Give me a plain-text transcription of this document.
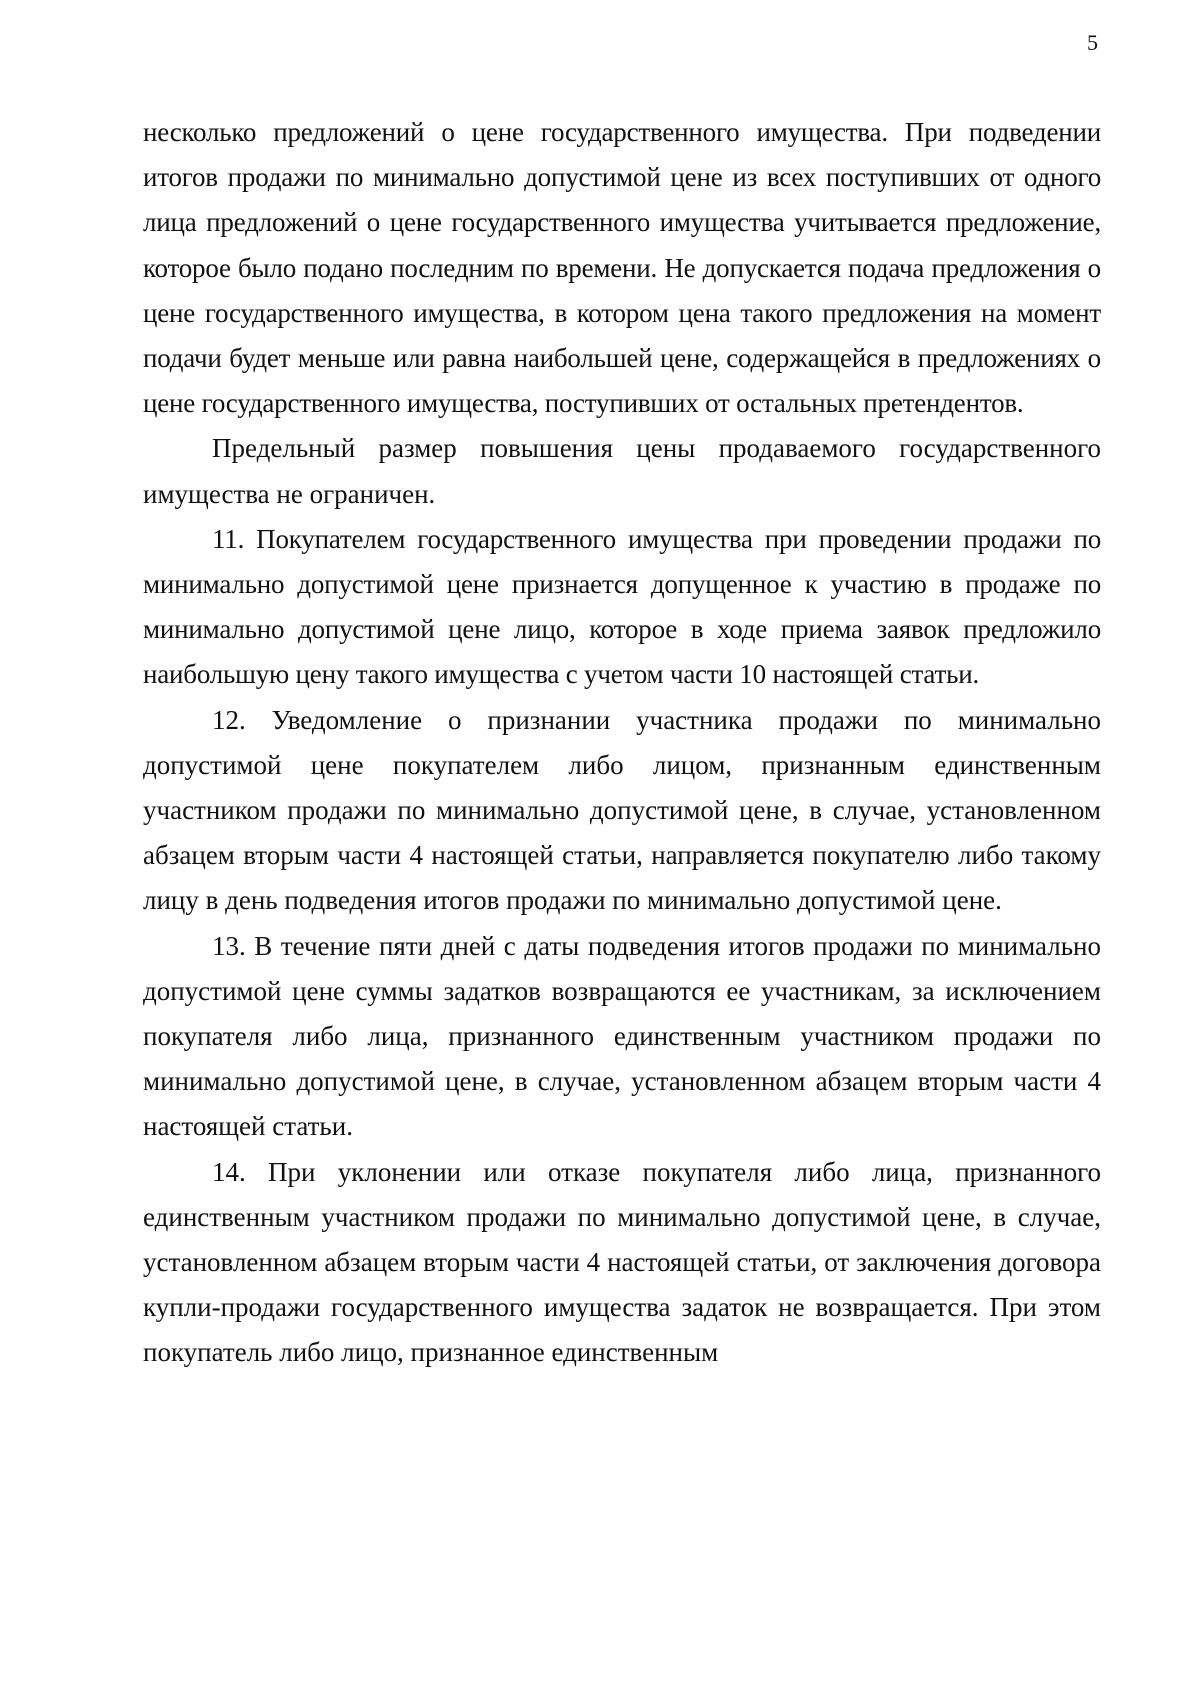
5

несколько предложений о цене государственного имущества. При подведении итогов продажи по минимально допустимой цене из всех поступивших от одного лица предложений о цене государственного имущества учитывается предложение, которое было подано последним по времени. Не допускается подача предложения о цене государственного имущества, в котором цена такого предложения на момент подачи будет меньше или равна наибольшей цене, содержащейся в предложениях о цене государственного имущества, поступивших от остальных претендентов.

Предельный размер повышения цены продаваемого государственного имущества не ограничен.

11. Покупателем государственного имущества при проведении продажи по минимально допустимой цене признается допущенное к участию в продаже по минимально допустимой цене лицо, которое в ходе приема заявок предложило наибольшую цену такого имущества с учетом части 10 настоящей статьи.

12. Уведомление о признании участника продажи по минимально допустимой цене покупателем либо лицом, признанным единственным участником продажи по минимально допустимой цене, в случае, установленном абзацем вторым части 4 настоящей статьи, направляется покупателю либо такому лицу в день подведения итогов продажи по минимально допустимой цене.

13. В течение пяти дней с даты подведения итогов продажи по минимально допустимой цене суммы задатков возвращаются ее участникам, за исключением покупателя либо лица, признанного единственным участником продажи по минимально допустимой цене, в случае, установленном абзацем вторым части 4 настоящей статьи.

14. При уклонении или отказе покупателя либо лица, признанного единственным участником продажи по минимально допустимой цене, в случае, установленном абзацем вторым части 4 настоящей статьи, от заключения договора купли-продажи государственного имущества задаток не возвращается. При этом покупатель либо лицо, признанное единственным
